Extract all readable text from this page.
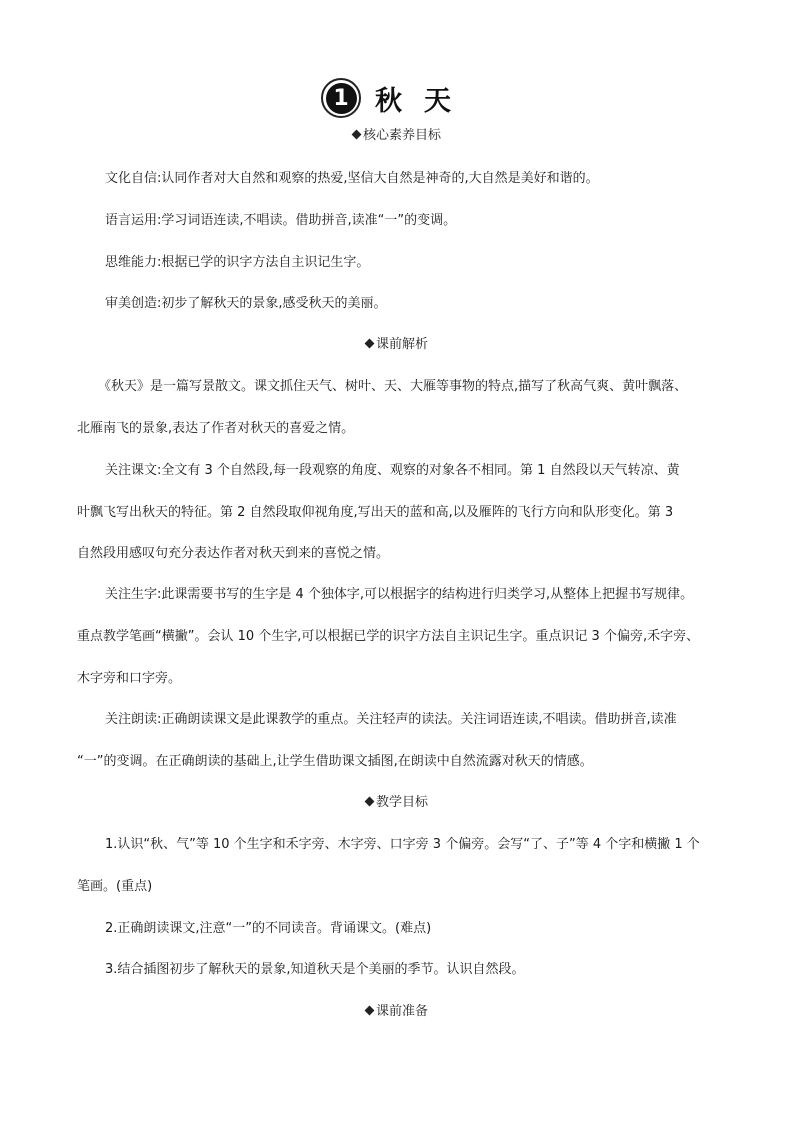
1 秋天
核心素养目标
文化自信:认同作者对大自然和观察的热爱,坚信大自然是神奇的,大自然是美好和谐的。
语言运用:学习词语连读,不唱读。借助拼音,读准“一”的变调。
思维能力:根据已学的识字方法自主识记生字。
审美创造:初步了解秋天的景象,感受秋天的美丽。
课前解析
《秋天》是一篇写景散文。课文抓住天气、树叶、天、大雁等事物的特点,描写了秋高气爽、黄叶飘落、
北雁南飞的景象,表达了作者对秋天的喜爱之情。
关注课文:全文有 3 个自然段,每一段观察的角度、观察的对象各不相同。第 1 自然段以天气转凉、黄
叶飘飞写出秋天的特征。第 2 自然段取仰视角度,写出天的蓝和高,以及雁阵的飞行方向和队形变化。第 3
自然段用感叹句充分表达作者对秋天到来的喜悦之情。
关注生字:此课需要书写的生字是 4 个独体字,可以根据字的结构进行归类学习,从整体上把握书写规律。
重点教学笔画“横撇”。会认 10 个生字,可以根据已学的识字方法自主识记生字。重点识记 3 个偏旁,禾字旁、
木字旁和口字旁。
关注朗读:正确朗读课文是此课教学的重点。关注轻声的读法。关注词语连读,不唱读。借助拼音,读准
“一”的变调。在正确朗读的基础上,让学生借助课文插图,在朗读中自然流露对秋天的情感。
教学目标
1.认识“秋、气”等 10 个生字和禾字旁、木字旁、口字旁 3 个偏旁。会写“了、子”等 4 个字和横撇 1 个
笔画。(重点)
2.正确朗读课文,注意“一”的不同读音。背诵课文。(难点)
3.结合插图初步了解秋天的景象,知道秋天是个美丽的季节。认识自然段。
课前准备
